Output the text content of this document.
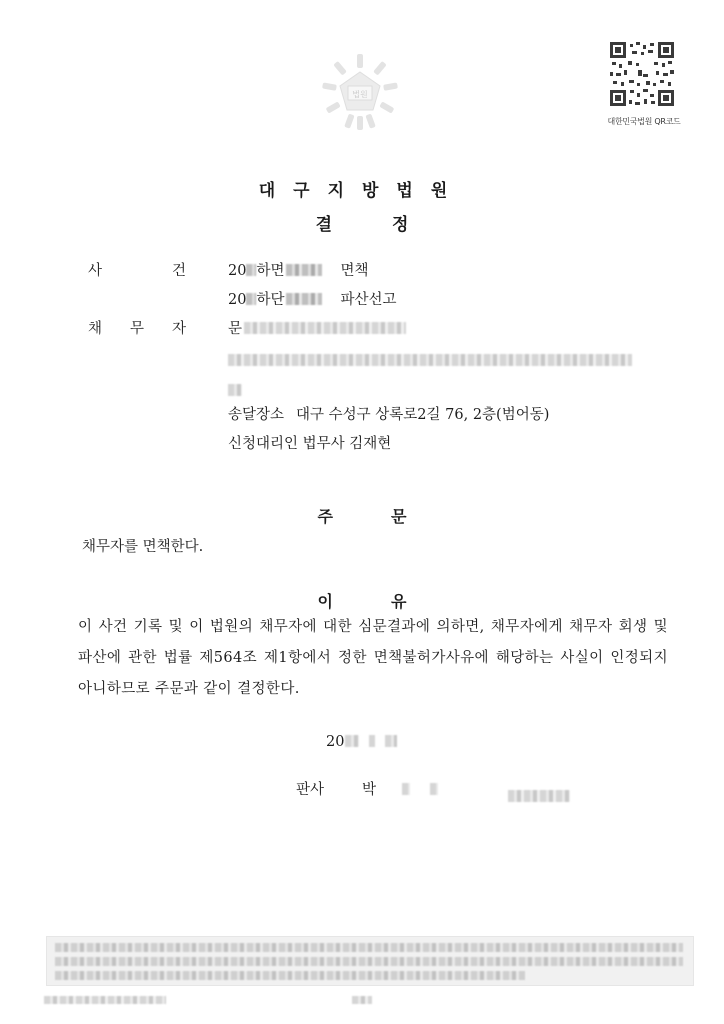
법원
대한민국법원 QR코드
대구지방법원
결	정
사	건	20 하면	면책
20 하단	파산선고
채 무 자	문
송달장소 대구 수성구 상록로2길 76, 2층(범어동)
신청대리인 법무사 김재현
주	문
채무자를 면책한다.
이	유
이 사건 기록 및 이 법원의 채무자에 대한 심문결과에 의하면, 채무자에게 채무자 회생 및 파산에 관한 법률 제564조 제1항에서 정한 면책불허가사유에 해당하는 사실이 인정되지 아니하므로 주문과 같이 결정한다.
20
판사	박
